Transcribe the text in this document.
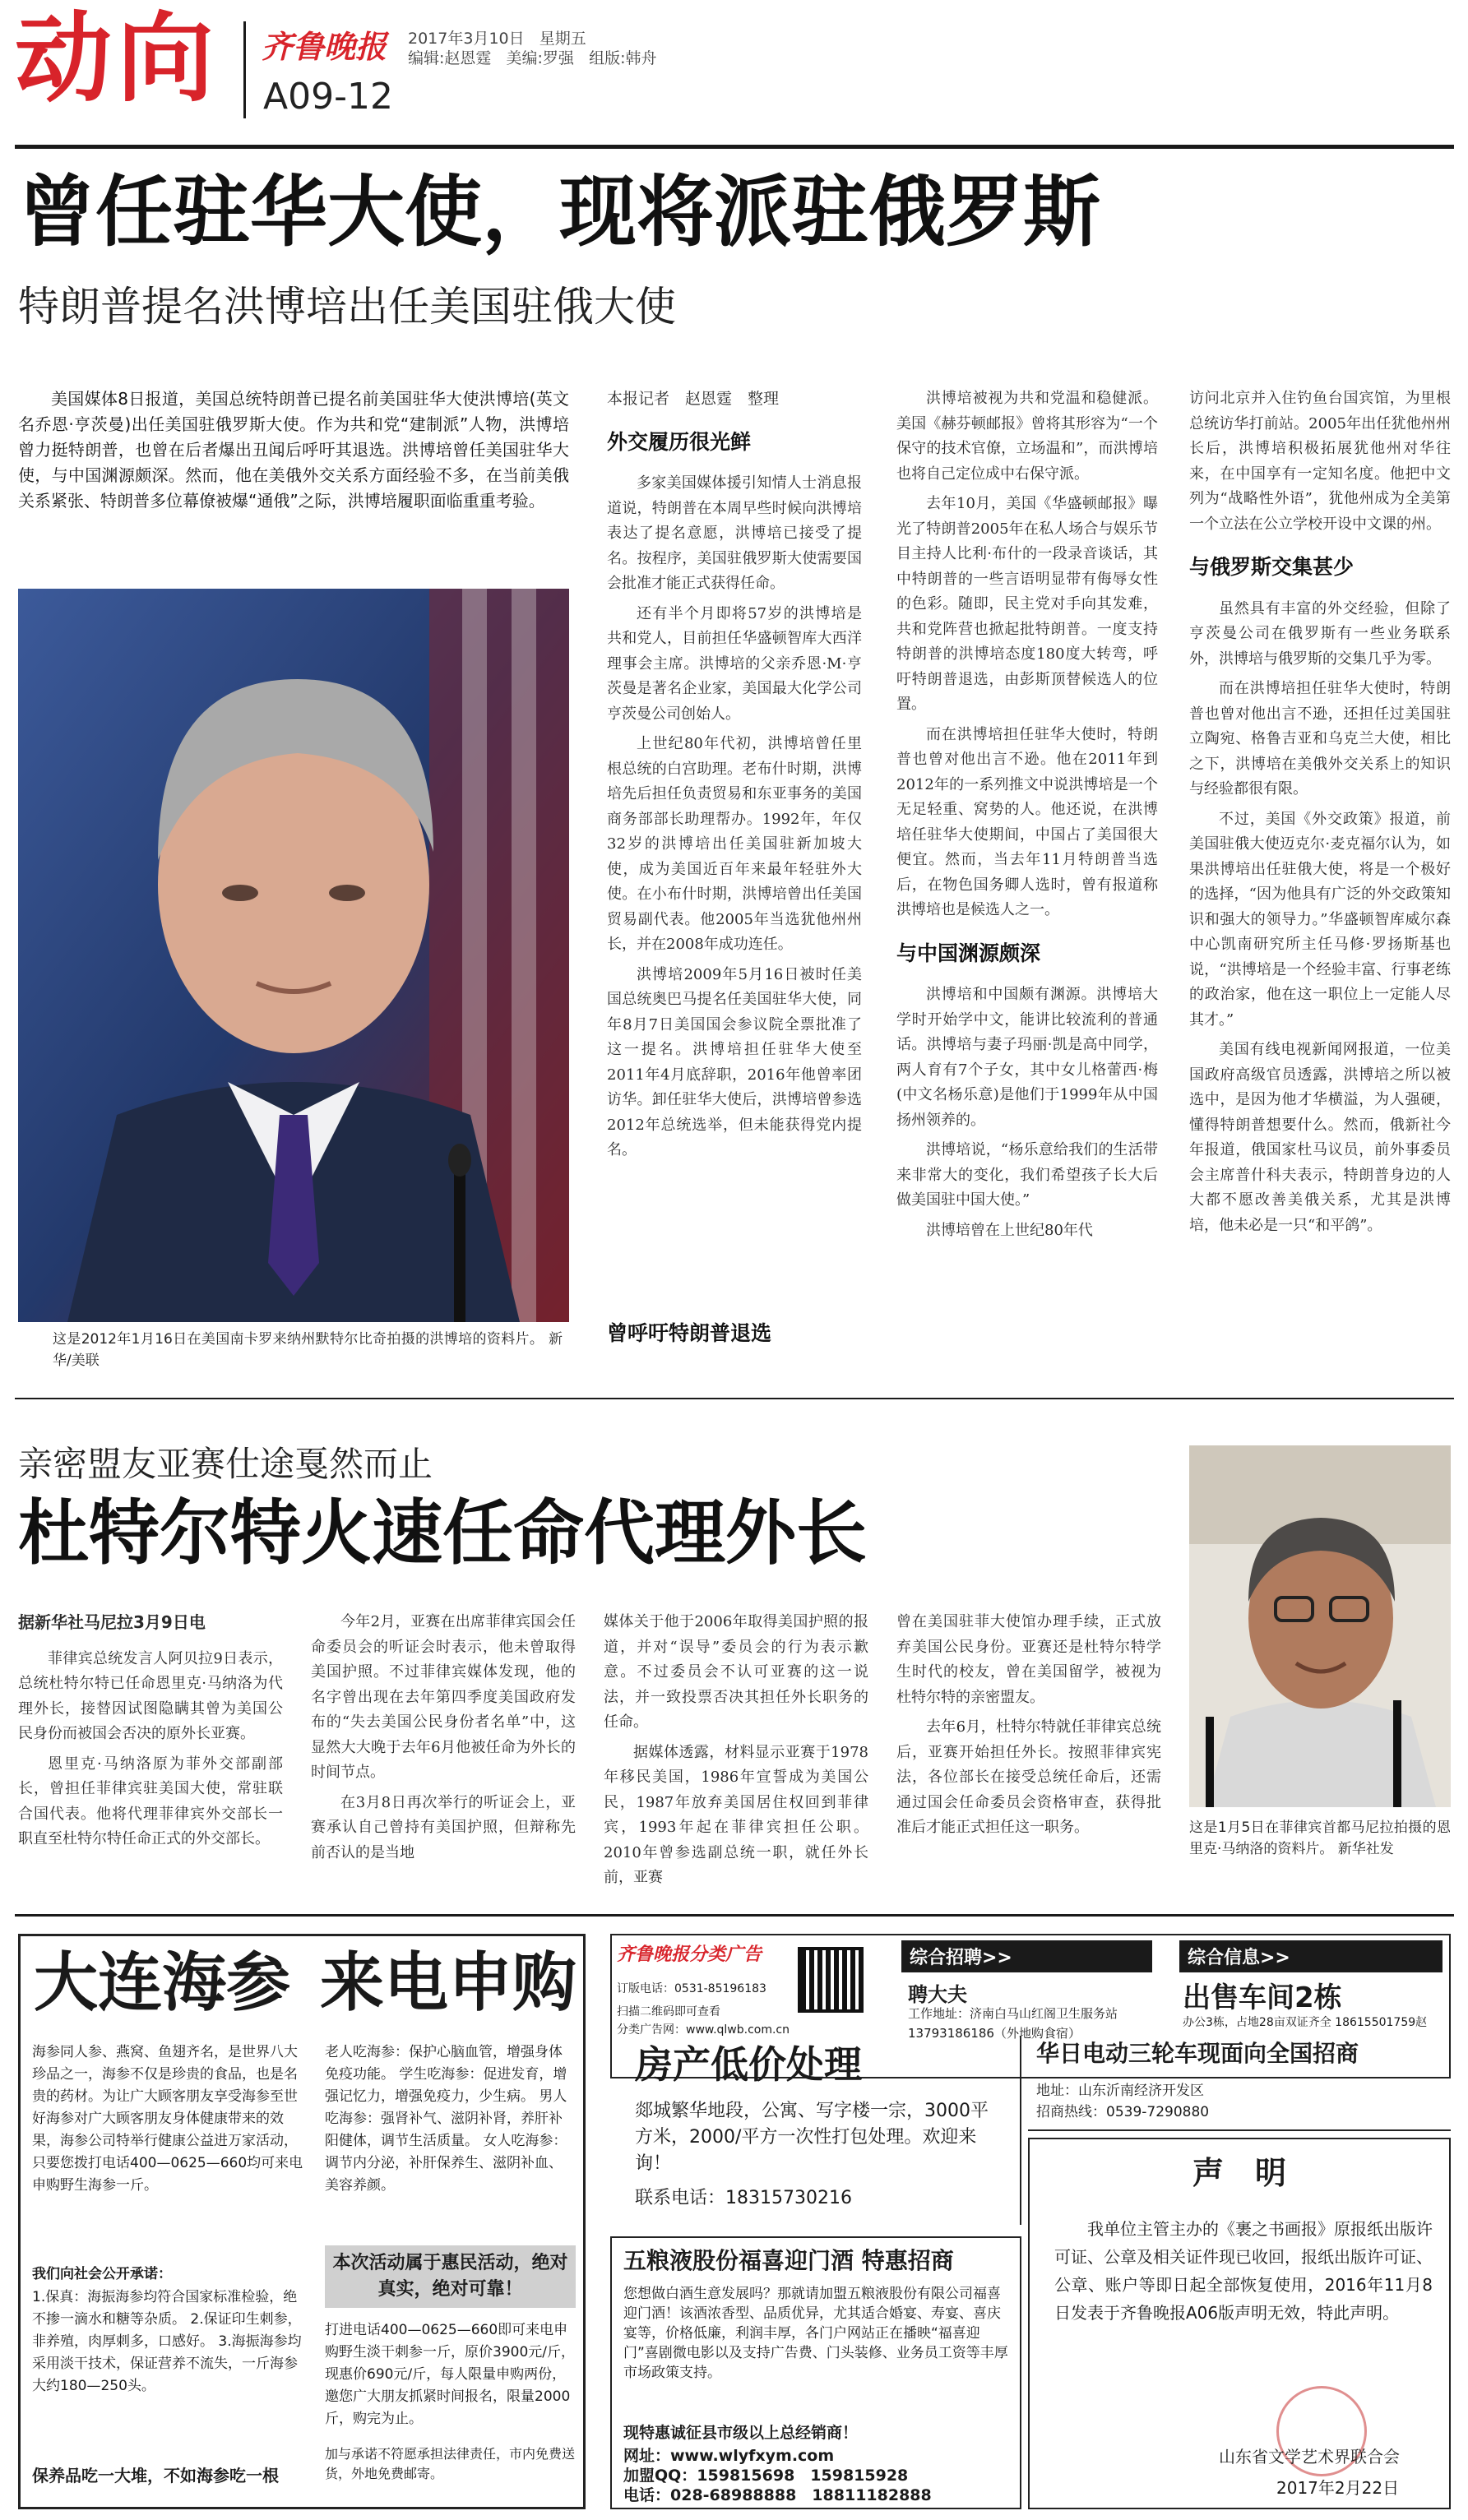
动向 齐鲁晚报 2017年3月10日 星期五
编辑:赵恩霆 美编:罗强 组版:韩舟
A09-12
曾任驻华大使，现将派驻俄罗斯
特朗普提名洪博培出任美国驻俄大使

美国媒体8日报道，美国总统特朗普已提名前美国驻华大使洪博培(英文名乔恩·亨茨曼)出任美国驻俄罗斯大使。作为共和党“建制派”人物，洪博培曾力挺特朗普，也曾在后者爆出丑闻后呼吁其退选。洪博培曾任美国驻华大使，与中国渊源颇深。然而，他在美俄外交关系方面经验不多，在当前美俄关系紧张、特朗普多位幕僚被爆“通俄”之际，洪博培履职面临重重考验。

这是2012年1月16日在美国南卡罗来纳州默特尔比奇拍摄的洪博培的资料片。 新华/美联

本报记者　赵恩霆　整理

外交履历很光鲜

多家美国媒体援引知情人士消息报道说，特朗普在本周早些时候向洪博培表达了提名意愿，洪博培已接受了提名。按程序，美国驻俄罗斯大使需要国会批准才能正式获得任命。

还有半个月即将57岁的洪博培是共和党人，目前担任华盛顿智库大西洋理事会主席。洪博培的父亲乔恩·M·亨茨曼是著名企业家，美国最大化学公司亨茨曼公司创始人。

上世纪80年代初，洪博培曾任里根总统的白宫助理。老布什时期，洪博培先后担任负责贸易和东亚事务的美国商务部部长助理帮办。1992年，年仅32岁的洪博培出任美国驻新加坡大使，成为美国近百年来最年轻驻外大使。在小布什时期，洪博培曾出任美国贸易副代表。他2005年当选犹他州州长，并在2008年成功连任。

洪博培2009年5月16日被时任美国总统奥巴马提名任美国驻华大使，同年8月7日美国国会参议院全票批准了这一提名。洪博培担任驻华大使至2011年4月底辞职，2016年他曾率团访华。卸任驻华大使后，洪博培曾参选2012年总统选举，但未能获得党内提名。

曾呼吁特朗普退选

洪博培被视为共和党温和稳健派。美国《赫芬顿邮报》曾将其形容为“一个保守的技术官僚，立场温和”，而洪博培也将自己定位成中右保守派。

去年10月，美国《华盛顿邮报》曝光了特朗普2005年在私人场合与娱乐节目主持人比利·布什的一段录音谈话，其中特朗普的一些言语明显带有侮辱女性的色彩。随即，民主党对手向其发难，共和党阵营也掀起批特朗普。一度支持特朗普的洪博培态度180度大转弯，呼吁特朗普退选，由彭斯顶替候选人的位置。

而在洪博培担任驻华大使时，特朗普也曾对他出言不逊。他在2011年到2012年的一系列推文中说洪博培是一个无足轻重、窝势的人。他还说，在洪博培任驻华大使期间，中国占了美国很大便宜。然而，当去年11月特朗普当选后，在物色国务卿人选时，曾有报道称洪博培也是候选人之一。

与中国渊源颇深

洪博培和中国颇有渊源。洪博培大学时开始学中文，能讲比较流利的普通话。洪博培与妻子玛丽·凯是高中同学，两人育有7个子女，其中女儿格蕾西·梅(中文名杨乐意)是他们于1999年从中国扬州领养的。

洪博培说，“杨乐意给我们的生活带来非常大的变化，我们希望孩子长大后做美国驻中国大使。”

洪博培曾在上世纪80年代

访问北京并入住钓鱼台国宾馆，为里根总统访华打前站。2005年出任犹他州州长后，洪博培积极拓展犹他州对华往来，在中国享有一定知名度。他把中文列为“战略性外语”，犹他州成为全美第一个立法在公立学校开设中文课的州。

与俄罗斯交集甚少

虽然具有丰富的外交经验，但除了亨茨曼公司在俄罗斯有一些业务联系外，洪博培与俄罗斯的交集几乎为零。

而在洪博培担任驻华大使时，特朗普也曾对他出言不逊，还担任过美国驻立陶宛、格鲁吉亚和乌克兰大使，相比之下，洪博培在美俄外交关系上的知识与经验都很有限。

不过，美国《外交政策》报道，前美国驻俄大使迈克尔·麦克福尔认为，如果洪博培出任驻俄大使，将是一个极好的选择，“因为他具有广泛的外交政策知识和强大的领导力。”华盛顿智库威尔森中心凯南研究所主任马修·罗扬斯基也说，“洪博培是一个经验丰富、行事老练的政治家，他在这一职位上一定能人尽其才。”

美国有线电视新闻网报道，一位美国政府高级官员透露，洪博培之所以被选中，是因为他才华横溢，为人强硬，懂得特朗普想要什么。然而，俄新社今年报道，俄国家杜马议员，前外事委员会主席普什科夫表示，特朗普身边的人大都不愿改善美俄关系，尤其是洪博培，他未必是一只“和平鸽”。

亲密盟友亚赛仕途戛然而止
杜特尔特火速任命代理外长

据新华社马尼拉3月9日电

菲律宾总统发言人阿贝拉9日表示，总统杜特尔特已任命恩里克·马纳洛为代理外长，接替因试图隐瞒其曾为美国公民身份而被国会否决的原外长亚赛。

恩里克·马纳洛原为菲外交部副部长，曾担任菲律宾驻美国大使，常驻联合国代表。他将代理菲律宾外交部长一职直至杜特尔特任命正式的外交部长。

今年2月，亚赛在出席菲律宾国会任命委员会的听证会时表示，他未曾取得美国护照。不过菲律宾媒体发现，他的名字曾出现在去年第四季度美国政府发布的“失去美国公民身份者名单”中，这显然大大晚于去年6月他被任命为外长的时间节点。

在3月8日再次举行的听证会上，亚赛承认自己曾持有美国护照，但辩称先前否认的是当地

媒体关于他于2006年取得美国护照的报道，并对“误导”委员会的行为表示歉意。不过委员会不认可亚赛的这一说法，并一致投票否决其担任外长职务的任命。

据媒体透露，材料显示亚赛于1978年移民美国，1986年宣誓成为美国公民，1987年放弃美国居住权回到菲律宾，1993年起在菲律宾担任公职。2010年曾参选副总统一职，就任外长前，亚赛

曾在美国驻菲大使馆办理手续，正式放弃美国公民身份。亚赛还是杜特尔特学生时代的校友，曾在美国留学，被视为杜特尔特的亲密盟友。

去年6月，杜特尔特就任菲律宾总统后，亚赛开始担任外长。按照菲律宾宪法，各位部长在接受总统任命后，还需通过国会任命委员会资格审查，获得批准后才能正式担任这一职务。	这是1月5日在菲律宾首都马尼拉拍摄的恩里克·马纳洛的资料片。 新华社发
大连海参 来电申购
海参同人参、燕窝、鱼翅齐名，是世界八大珍品之一，海参不仅是珍贵的食品，也是名贵的药材。为让广大顾客朋友享受海参至世好海参对广大顾客朋友身体健康带来的效果，海参公司特举行健康公益进万家活动，只要您拨打电话400—0625—660均可来电申购野生海参一斤。
我们向社会公开承诺：
1.保真：海振海参均符合国家标准检验，绝不掺一滴水和糖等杂质。 2.保证印生刺参，非养殖，肉厚刺多，口感好。 3.海振海参均采用淡干技术，保证营养不流失，一斤海参大约180—250头。
老人吃海参：保护心脑血管，增强身体免疫功能。 学生吃海参：促进发育，增强记忆力，增强免疫力，少生病。 男人吃海参：强肾补气、滋阴补肾，养肝补阳健体，调节生活质量。 女人吃海参：调节内分泌，补肝保养生、滋阴补血、美容养颜。
本次活动属于惠民活动，绝对真实，绝对可靠！
打进电话400—0625—660即可来电申购野生淡干刺参一斤，原价3900元/斤，现惠价690元/斤，每人限量申购两份，邀您广大朋友抓紧时间报名，限量2000斤，购完为止。
加与承诺不符愿承担法律责任，市内免费送货，外地免费邮寄。
保养品吃一大堆，不如海参吃一根
齐鲁晚报分类广告
订版电话：0531-85196183
扫描二维码即可查看
分类广告网：www.qlwb.com.cn
综合招聘>>
聘大夫
工作地址：济南白马山红阁卫生服务站
13793186186（外地购食宿）
综合信息>>
出售车间2栋
办公3栋，占地28亩双证齐全 18615501759赵
房产低价处理
郯城繁华地段，公寓、写字楼一宗，3000平方米，2000/平方一次性打包处理。欢迎来询！
联系电话：18315730216
华日电动三轮车现面向全国招商
地址：山东沂南经济开发区
招商热线：0539-7290880
五粮液股份福喜迎门酒 特惠招商
您想做白酒生意发展吗？那就请加盟五粮液股份有限公司福喜迎门酒！该酒浓香型、品质优异，尤其适合婚宴、寿宴、喜庆宴等，价格低廉，利润丰厚，各门户网站正在播映“福喜迎门”喜剧微电影以及支持广告费、门头装修、业务员工资等丰厚市场政策支持。
现特惠诚征县市级以上总经销商！
网址：www.wlyfxym.com
加盟QQ：159815698　159815928
电话：028-68988888　18811182888
声　明
我单位主管主办的《裹之书画报》原报纸出版许可证、公章及相关证件现已收回，报纸出版许可证、公章、账户等即日起全部恢复使用，2016年11月8日发表于齐鲁晚报A06版声明无效，特此声明。
山东省文学艺术界联合会
2017年2月22日
